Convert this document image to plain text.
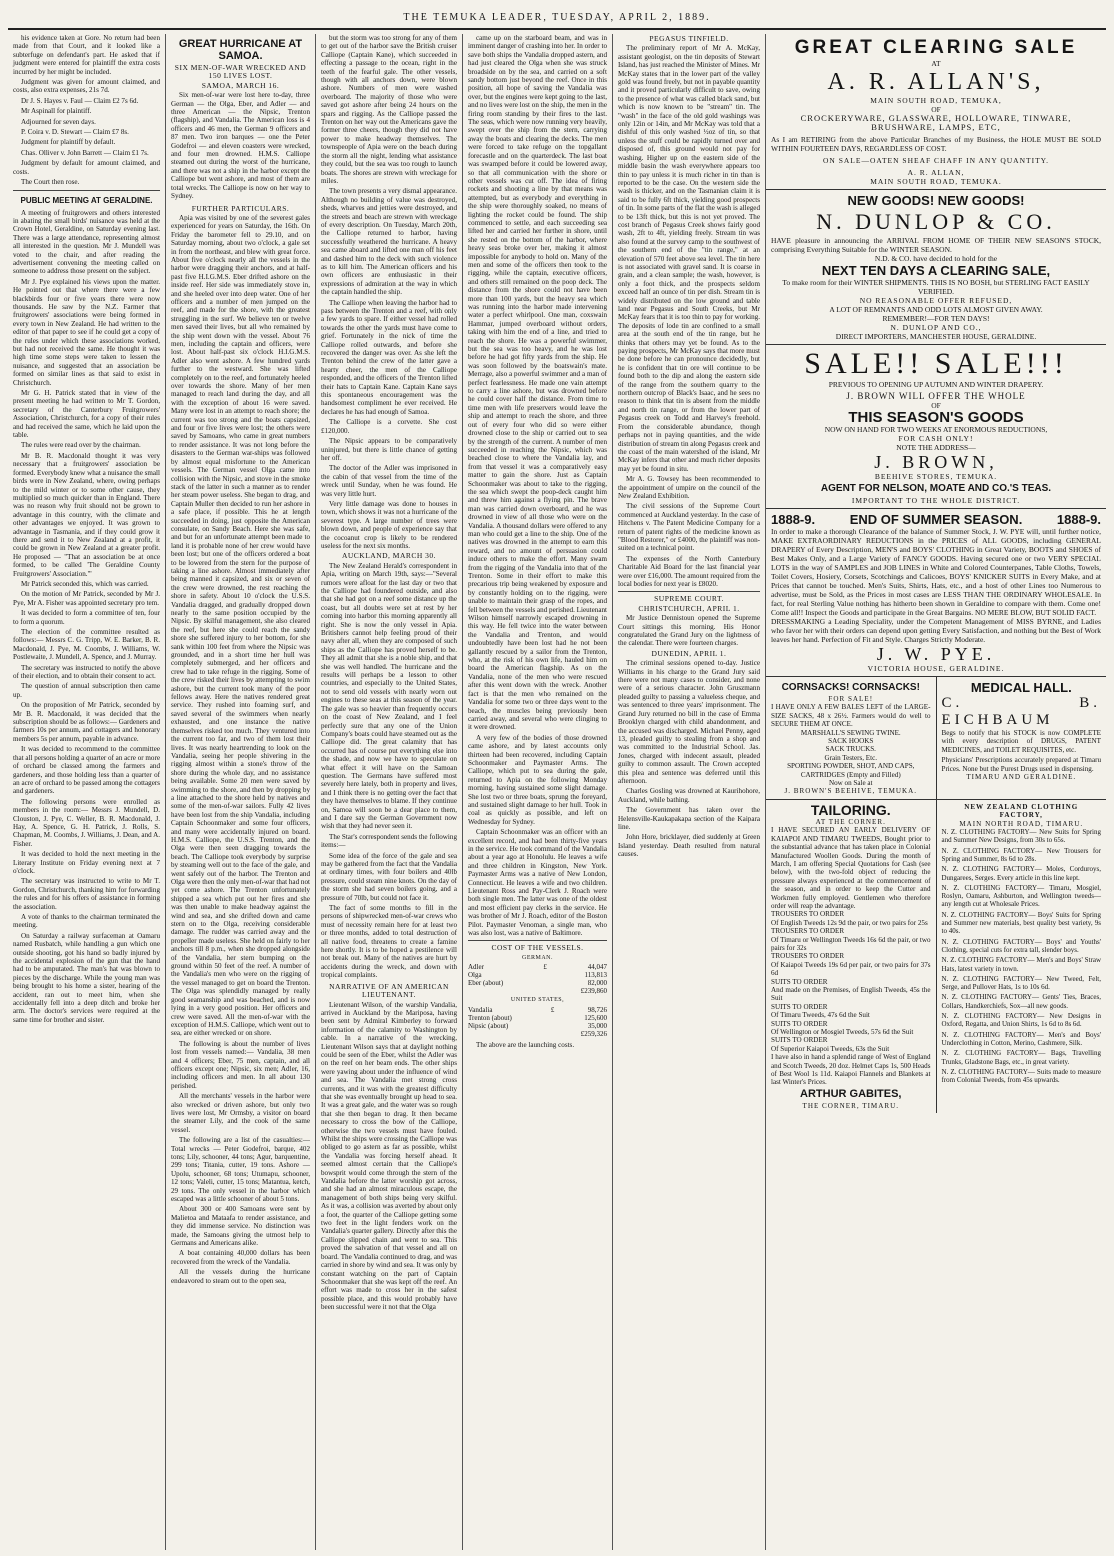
THE TEMUKA LEADER, TUESDAY, APRIL 2, 1889.

his evidence taken at Gore. No return had been made from that Court, and it looked like a subterfuge on defendant's part. He asked that if judgment were entered for plaintiff the extra costs incurred by her might be included.

Judgment was given for amount claimed, and costs, also extra expenses, 21s 7d.

Dr J. S. Hayes v. Faul — Claim £2 7s 6d.

Mr Aspinall for plaintiff.

Adjourned for seven days.

P. Coira v. D. Stewart — Claim £7 8s.

Judgment for plaintiff by default.

Chas. Olliver v. John Barrett — Claim £1 7s.

Judgment by default for amount claimed, and costs.

The Court then rose.

PUBLIC MEETING AT GERALDINE.

A meeting of fruitgrowers and others interested in abating the small birds' nuisance was held at the Crown Hotel, Geraldine, on Saturday evening last. There was a large attendance, representing almost all interested in the question. Mr J. Mundell was voted to the chair, and after reading the advertisement convening the meeting called on someone to address those present on the subject.

Mr J. Pye explained his views upon the matter. He pointed out that where there were a few blackbirds four or five years there were now thousands. He saw by the N.Z. Farmer that fruitgrowers' associations were being formed in every town in New Zealand. He had written to the editor of that paper to see if he could get a copy of the rules under which these associations worked, but had not received the same. He thought it was high time some steps were taken to lessen the nuisance, and suggested that an association be formed on similar lines as that said to exist in Christchurch.

Mr G. H. Patrick stated that in view of the present meeting he had written to Mr T. Gordon, secretary of the Canterbury Fruitgrowers' Association, Christchurch, for a copy of their rules and had received the same, which he laid upon the table.

The rules were read over by the chairman.

Mr B. R. Macdonald thought it was very necessary that a fruitgrowers' association be formed. Everybody knew what a nuisance the small birds were in New Zealand, where, owing perhaps to the mild winter or to some other cause, they multiplied so much quicker than in England. There was no reason why fruit should not be grown to advantage in this country, with the climate and other advantages we enjoyed. It was grown to advantage in Tasmania, and if they could grow it there and send it to New Zealand at a profit, it could be grown in New Zealand at a greater profit. He proposed — "That an association be at once formed, to be called 'The Geraldine County Fruitgrowers' Association.'"

Mr Patrick seconded this, which was carried.

On the motion of Mr Patrick, seconded by Mr J. Pye, Mr A. Fisher was appointed secretary pro tem.

It was decided to form a committee of ten, four to form a quorum.

The election of the committee resulted as follows:— Messrs C. G. Tripp, W. E. Barker, B. R. Macdonald, J. Pye, M. Coombs, J. Williams, W. Postlewaite, J. Mundell, A. Spence, and J. Murray.

The secretary was instructed to notify the above of their election, and to obtain their consent to act.

The question of annual subscription then came up.

On the proposition of Mr Patrick, seconded by Mr B. R. Macdonald, it was decided that the subscription should be as follows:— Gardeners and farmers 10s per annum, and cottagers and honorary members 5s per annum, payable in advance.

It was decided to recommend to the committee that all persons holding a quarter of an acre or more of orchard be classed among the farmers and gardeners, and those holding less than a quarter of an acre of orchard to be passed among the cottagers and gardeners.

The following persons were enrolled as members in the room:— Messrs J. Mundell, D. Clouston, J. Pye, C. Weller, B. R. Macdonald, J. Hay, A. Spence, G. H. Patrick, J. Rolls, S. Chapman, M. Coombs, J. Williams, J. Dean, and A. Fisher.

It was decided to hold the next meeting in the Literary Institute on Friday evening next at 7 o'clock.

The secretary was instructed to write to Mr T. Gordon, Christchurch, thanking him for forwarding the rules and for his offers of assistance in forming the association.

A vote of thanks to the chairman terminated the meeting.

On Saturday a railway surfaceman at Oamaru named Rusbatch, while handling a gun which one outside shooting, got his hand so badly injured by the accidental explosion of the gun that the hand had to be amputated. The man's hat was blown to pieces by the discharge. While the young man was being brought to his home a sister, hearing of the accident, ran out to meet him, when she accidentally fell into a deep ditch and broke her arm. The doctor's services were required at the same time for brother and sister.

GREAT HURRICANE AT SAMOA.
SIX MEN-OF-WAR WRECKED AND 150 LIVES LOST.
SAMOA, MARCH 16.

Six men-of-war were lost here to-day, three German — the Olga, Eber, and Adler — and three American — the Nipsic, Trenton (flagship), and Vandalia. The American loss is 4 officers and 46 men, the German 9 officers and 87 men. Two iron barques — one the Peter Godefroi — and eleven coasters were wrecked, and four men drowned. H.M.S. Calliope steamed out during the worst of the hurricane, and there was not a ship in the harbor except the Calliope but went ashore, and most of them are total wrecks. The Calliope is now on her way to Sydney.

FURTHER PARTICULARS.

Apia was visited by one of the severest gales experienced for years on Saturday, the 16th. On Friday the barometer fell to 29.10, and on Saturday morning, about two o'clock, a gale set in from the northeast, and blew with great force. About five o'clock nearly all the vessels in the harbor were dragging their anchors, and at half-past five H.I.G.M.S. Eber drifted ashore on the inside reef. Her side was immediately stove in, and she heeled over into deep water. One of her officers and a number of men jumped on the reef, and made for the shore, with the greatest struggling in the surf. We believe ten or twelve men saved their lives, but all who remained by the ship went down with the vessel. About 76 men, including the captain and officers, were lost. About half-past six o'clock H.I.G.M.S. Adler also went ashore. A few hundred yards further to the westward. She was lifted completely on to the reef, and fortunately heeled over towards the shore. Many of her men managed to reach land during the day, and all with the exception of about 16 were saved. Many were lost in an attempt to reach shore; the current was too strong and the boats capsized, and four or five lives were lost; the others were saved by Samoans, who came in great numbers to render assistance. It was not long before the disasters to the German war-ships was followed by almost equal misfortune to the American vessels. The German vessel Olga came into collision with the Nipsic, and stove in the smoke stack of the latter in such a manner as to render her steam power useless. She began to drag, and Captain Muller then decided to run her ashore in a safe place, if possible. This he at length succeeded in doing, just opposite the American consulate, on Sandy Beach. Here she was safe, and but for an unfortunate attempt been made to land it is probable none of her crew would have been lost; but one of the officers ordered a boat to be lowered from the stern for the purpose of taking a line ashore. Almost immediately after being manned it capsized, and six or seven of the crew were drowned, the rest reaching the shore in safety. About 10 o'clock the U.S.S. Vandalia dragged, and gradually dropped down nearly to the same position occupied by the Nipsic. By skilful management, she also cleared the reef, but here she could reach the sandy shore she suffered injury to her bottom, for she sank within 100 feet from where the Nipsic was grounded, and in a short time her hull was completely submerged, and her officers and crew had to take refuge in the rigging. Some of the crew risked their lives by attempting to swim ashore, but the current took many of the poor fellows away. Here the natives rendered great service. They rushed into foaming surf, and saved several of the swimmers when nearly exhausted, and one instance the native themselves risked too much. They ventured into the current too far, and two of them lost their lives. It was nearly heartrending to look on the Vandalia, seeing her people shivering in the rigging almost within a stone's throw of the shore during the whole day, and no assistance being available. Some 20 men were saved by swimming to the shore, and then by dropping by a line attached to the shore held by natives and some of the men-of-war sailors. Fully 42 lives have been lost from the ship Vandalia, including Captain Schoonmaker and some four officers, and many were accidentally injured on board. H.M.S. Calliope, the U.S.S. Trenton, and the Olga were then seen dragging towards the beach. The Calliope took everybody by surprise by steaming well out to the face of the gale, and went safely out of the harbor. The Trenton and Olga were then the only men-of-war that had not yet come ashore. The Trenton unfortunately shipped a sea which put out her fires and she was then unable to make headway against the wind and sea, and she drifted down and came stern on to the Olga, receiving considerable damage. The rudder was carried away and the propeller made useless. She held on fairly to her anchors till 8 p.m., when she dropped alongside of the Vandalia, her stern bumping on the ground within 50 feet of the reef. A number of the Vandalia's men who were on the rigging of the vessel managed to get on board the Trenton. The Olga was splendidly managed by really good seamanship and was beached, and is now lying in a very good position. Her officers and crew were saved. All the men-of-war with the exception of H.M.S. Calliope, which went out to sea, are either wrecked or on shore.

The following is about the number of lives lost from vessels named:— Vandalia, 38 men and 4 officers; Eber, 75 men, captain, and all officers except one; Nipsic, six men; Adler, 16, including officers and men. In all about 130 perished.

All the merchants' vessels in the harbor were also wrecked or driven ashore, but only two lives were lost, Mr Ormsby, a visitor on board the steamer Lily, and the cook of the same vessel.

The following are a list of the casualties:— Total wrecks — Peter Godefroi, barque, 402 tons; Lily, schooner, 44 tons; Agur, barquentine, 299 tons; Titania, cutter, 19 tons. Ashore — Upolu, schooner, 68 tons; Utumapu, schooner, 12 tons; Valeli, cutter, 15 tons; Matantua, ketch, 29 tons. The only vessel in the harbor which escaped was a little schooner of about 5 tons.

About 300 or 400 Samoans were sent by Malietoa and Mataafa to render assistance, and they did immense service. No distinction was made, the Samoans giving the utmost help to Germans and Americans alike.

A boat containing 40,000 dollars has been recovered from the wreck of the Vandalia.

All the vessels during the hurricane endeavored to steam out to the open sea,

but the storm was too strong for any of them to get out of the harbor save the British cruiser Calliope (Captain Kane), which succeeded in effecting a passage to the ocean, right in the teeth of the fearful gale. The other vessels, though with all anchors down, were blown ashore. Numbers of men were washed overboard. The majority of those who were saved got ashore after being 24 hours on the spars and rigging. As the Calliope passed the Trenton on her way out the Americans gave the former three cheers, though they did not have power to make headway themselves. The townspeople of Apia were on the beach during the storm all the night, lending what assistance they could, but the sea was too rough to launch boats. The shores are strewn with wreckage for miles.

The town presents a very dismal appearance. Although no building of value was destroyed, sheds, wharves and jetties were destroyed, and the streets and beach are strewn with wreckage of every description. On Tuesday, March 20th, the Calliope returned to harbor, having successfully weathered the hurricane. A heavy sea came aboard and lifted one man off his feet and dashed him to the deck with such violence as to kill him. The American officers and his own officers are enthusiastic in their expressions of admiration at the way in which the captain handled the ship.

The Calliope when leaving the harbor had to pass between the Trenton and a reef, with only a few yards to spare. If either vessel had rolled towards the other the yards must have come to grief. Fortunately in the nick of time the Calliope rolled outwards, and before she recovered the danger was over. As she left the Trenton behind the crew of the latter gave a hearty cheer, the men of the Calliope responded, and the officers of the Trenton lifted their hats to Captain Kane. Captain Kane says this spontaneous encouragement was the handsomest compliment he ever received. He declares he has had enough of Samoa.

The Calliope is a corvette. She cost £120,000.

The Nipsic appears to be comparatively uninjured, but there is little chance of getting her off.

The doctor of the Adler was imprisoned in the cabin of that vessel from the time of the wreck until Sunday, when he was found. He was very little hurt.

Very little damage was done to houses in town, which shows it was not a hurricane of the severest type. A large number of trees were blown down, and people of experience say that the cocoanut crop is likely to be rendered useless for the next six months.

AUCKLAND, MARCH 30.

The New Zealand Herald's correspondent in Apia, writing on March 19th, says:—"Several rumors were afloat for the last day or two that the Calliope had foundered outside, and also that she had got on a reef some distance up the coast, but all doubts were set at rest by her coming into harbor this morning apparently all right. She is now the only vessel in Apia. Britishers cannot help feeling proud of their navy after all, when they are composed of such ships as the Calliope has proved herself to be. They all admit that she is a noble ship, and that she was well handled. The hurricane and the results will perhaps be a lesson to other countries, and especially to the United States, not to send old vessels with nearly worn out engines to these seas at this season of the year. The gale was so heavier than frequently occurs on the coast of New Zealand, and I feel perfectly sure that any one of the Union Company's boats could have steamed out as the Calliope did. The great calamity that has occurred has of course put everything else into the shade, and now we have to speculate on what effect it will have on the Samoan question. The Germans have suffered most severely here lately, both in property and lives, and I think there is no getting over the fact that they have themselves to blame. If they continue on, Samoa will soon be a dear place to them, and I dare say the German Government now wish that they had never seen it.

The Star's correspondent sends the following items:—

Some idea of the force of the gale and sea may be gathered from the fact that the Vandalia at ordinary times, with four boilers and 40lb pressure, could steam nine knots. On the day of the storm she had seven boilers going, and a pressure of 70lb, but could not face it.

The fact of some months to fill in the persons of shipwrecked men-of-war crews who must of necessity remain here for at least two or three months, added to total destruction of all native food, threatens to create a famine here shortly. It is to be hoped a pestilence will not break out. Many of the natives are hurt by accidents during the wreck, and down with tropical complaints.

NARRATIVE OF AN AMERICAN LIEUTENANT.

Lieutenant Wilson, of the warship Vandalia, arrived in Auckland by the Mariposa, having been sent by Admiral Kimberley to forward information of the calamity to Washington by cable. In a narrative of the wrecking, Lieutenant Wilson says that at daylight nothing could be seen of the Eber, whilst the Adler was on the reef on her beam ends. The other ships were yawing about under the influence of wind and sea. The Vandalia met strong cross currents, and it was with the greatest difficulty that she was eventually brought up head to sea. It was a great gale, and the water was so rough that she then began to drag. It then became necessary to cross the bow of the Calliope, otherwise the two vessels must have fouled. Whilst the ships were crossing the Calliope was obliged to go astern as far as possible, whilst the Vandalia was forcing herself ahead. It seemed almost certain that the Calliope's bowsprit would come through the stern of the Vandalia before the latter worship got across, and she had an almost miraculous escape, the management of both ships being very skilful. As it was, a collision was averted by about only a foot, the quarter of the Calliope getting some two feet in the light fenders work on the Vandalia's quarter gallery. Directly after this the Calliope slipped chain and went to sea. This proved the salvation of that vessel and all on board. The Vandalia continued to drag, and was carried in shore by wind and sea. It was only by constant watching on the part of Captain Schoonmaker that she was kept off the reef. An effort was made to cross her in the safest possible place, and this would probably have been successful were it not that the Olga

came up on the starboard beam, and was in imminent danger of crashing into her. In order to save both ships the Vandalia dropped astern, and had just cleared the Olga when she was struck broadside on by the sea, and carried on a soft sandy bottom just beyond the reef. Once in this position, all hope of saving the Vandalia was over, but the engines were kept going to the last, and no lives were lost on the ship, the men in the firing room standing by their fires to the last. The seas, which were now running very heavily, swept over the ship from the stern, carrying away the boats and clearing the decks. The men were forced to take refuge on the topgallant forecastle and on the quarterdeck. The last boat was swamped before it could be lowered away, so that all communication with the shore or other vessels was cut off. The idea of firing rockets and shooting a line by that means was attempted, but as everybody and everything in the ship were thoroughly soaked, no means of lighting the rocket could be found. The ship commenced to settle, and each succeeding sea lifted her and carried her further in shore, until she rested on the bottom of the harbor, where heavy seas broke over her, making it almost impossible for anybody to hold on. Many of the men and some of the officers then took to the rigging, while the captain, executive officers, and others still remained on the poop deck. The distance from the shore could not have been more than 100 yards, but the heavy sea which was running into the harbor made intervening water a perfect whirlpool. One man, coxswain Hammar, jumped overboard without orders, taking with him the end of a line, and tried to reach the shore. He was a powerful swimmer, but the sea was too heavy, and he was lost before he had got fifty yards from the ship. He was soon followed by the boatswain's mate. Merrage, also a powerful swimmer and a man of perfect fearlessness. He made one vain attempt to carry a line ashore, but was drowned before he could cover half the distance. From time to time men with life preservers would leave the ship and attempt to reach the shore, and three out of every four who did so were either drowned close to the ship or carried out to sea by the strength of the current. A number of men succeeded in reaching the Nipsic, which was beached close to where the Vandalia lay, and from that vessel it was a comparatively easy matter to gain the shore. Just as Captain Schoonmaker was about to take to the rigging, the sea which swept the poop-deck caught him and threw him against a flying pin. The brave man was carried down overboard, and he was drowned in view of all those who were on the Vandalia. A thousand dollars were offered to any man who could get a line to the ship. One of the natives was drowned in the attempt to earn this reward, and no amount of persuasion could induce others to make the effort. Many swam from the rigging of the Vandalia into that of the Trenton. Some in their effort to make this precarious trip being weakened by exposure and by constantly holding on to the rigging, were unable to maintain their grasp of the ropes, and fell between the vessels and perished. Lieutenant Wilson himself narrowly escaped drowning in this way. He fell twice into the water between the Vandalia and Trenton, and would undoubtedly have been lost had he not been gallantly rescued by a sailor from the Trenton, who, at the risk of his own life, hauled him on board the American flagship. As on the Vandalia, none of the men who were rescued after this went down with the wreck. Another fact is that the men who remained on the Vandalia for some two or three days went to the beach, the muscles being previously been carried away, and several who were clinging to it were drowned.

A very few of the bodies of those drowned came ashore, and by latest accounts only thirteen had been recovered, including Captain Schoonmaker and Paymaster Arms. The Calliope, which put to sea during the gale, returned to Apia on the following Monday morning, having sustained some slight damage. She lost two or three boats, sprung the foreyard, and sustained slight damage to her hull. Took in coal as quickly as possible, and left on Wednesday for Sydney.

Captain Schoonmaker was an officer with an excellent record, and had been thirty-five years in the service. He took command of the Vandalia about a year ago at Honolulu. He leaves a wife and three children in Kingston, New York. Paymaster Arms was a native of New London, Connecticut. He leaves a wife and two children. Lieutenant Ross and Pay-Clerk J. Roach were both single men. The latter was one of the oldest and most efficient pay clerks in the service. He was brother of Mr J. Roach, editor of the Boston Pilot. Paymaster Venoman, a single man, who was also lost, was a native of Baltimore.

COST OF THE VESSELS.
GERMAN.
Adler	£	44,047
Olga		113,813
Eber (about)		82,000
		£239,860
UNITED STATES,
Vandalia	£	98,726
Trenton (about)		125,600
Nipsic (about)		35,000
		£259,326

The above are the launching costs.

PEGASUS TINFIELD.

The preliminary report of Mr A. McKay, assistant geologist, on the tin deposits of Stewart Island, has just reached the Minister of Mines. Mr McKay states that in the lower part of the valley gold was found freely, but not in payable quantity and it proved particularly difficult to save, owing to the presence of what was called black sand, but which is now known to be "stream" tin. The "wash" in the face of the old gold washings was only 12in or 14in, and Mr McKay was told that a dishful of this only washed ½oz of tin, so that unless the stuff could be rapidly turned over and disposed of, this ground would not pay for washing. Higher up on the eastern side of the middle basin the wash everywhere appears too thin to pay unless it is much richer in tin than is reported to be the case. On the western side the wash is thicker, and on the Tasmanian claim it is said to be fully 6ft thick, yielding good prospects of tin. In some parts of the flat the wash is alleged to be 13ft thick, but this is not yet proved. The cost branch of Pegasus Creek shows fairly good wash, 2ft to 4ft, yielding freely. Stream tin was also found at the survey camp to the southwest of the southern end of the "tin range," at an elevation of 570 feet above sea level. The tin here is not associated with gravel sand. It is coarse in grain, and a clean sample; the wash, however, is only a foot thick, and the prospects seldom exceed half an ounce of tin per dish. Stream tin is widely distributed on the low ground and table land near Pegasus and South Creeks, but Mr McKay fears that it is too thin to pay for working. The deposits of lode tin are confined to a small area at the south end of the tin range, but he thinks that others may yet be found. As to the paying prospects, Mr McKay says that more must be done before he can pronounce decidedly, but he is confident that tin ore will continue to be found both to the dip and along the eastern side of the range from the southern quarry to the northern outcrop of Black's Isaac, and he sees no reason to think that tin is absent from the middle and north tin range, or from the lower part of Pegasus creek on Todd and Harvey's freehold. From the considerable abundance, though perhaps not in paying quantities, and the wide distribution of stream tin along Pegasus creek and the coast of the main watershed of the island, Mr McKay infers that other and much richer deposits may yet be found in situ.

Mr A. G. Towsey has been recommended to the appointment of umpire on the council of the New Zealand Exhibition.

The civil sessions of the Supreme Court commenced at Auckland yesterday. In the case of Hitchens v. The Patent Medicine Company for a return of patent rights of the medicine known as "Blood Restorer," or £4000, the plaintiff was non-suited on a technical point.

The expenses of the North Canterbury Charitable Aid Board for the last financial year were over £16,000. The amount required from the local bodies for next year is £8020.

SUPREME COURT.
CHRISTCHURCH, APRIL 1.

Mr Justice Dennistoun opened the Supreme Court sittings this morning. His Honor congratulated the Grand Jury on the lightness of the calendar. There were fourteen charges.

DUNEDIN, APRIL 1.

The criminal sessions opened to-day. Justice Williams in his charge to the Grand Jury said there were not many cases to consider, and none were of a serious character. John Gruszmann pleaded guilty to passing a valueless cheque, and was sentenced to three years' imprisonment. The Grand Jury returned no bill in the case of Emma Brooklyn charged with child abandonment, and the accused was discharged. Michael Penny, aged 13, pleaded guilty to stealing from a shop and was committed to the Industrial School. Jas. Jones, charged with indecent assault, pleaded guilty to common assault. The Crown accepted this plea and sentence was deferred until this afternoon.

Charles Gosling was drowned at Kaurihohore, Auckland, while bathing.

The Government has taken over the Helensville-Kaukapakapa section of the Kaipara line.

John Hore, bricklayer, died suddenly at Green Island yesterday. Death resulted from natural causes.

GREAT CLEARING SALE
AT
A. R. ALLAN'S,
MAIN SOUTH ROAD, TEMUKA,
OF
CROCKERYWARE, GLASSWARE, HOLLOWARE, TINWARE, BRUSHWARE, LAMPS, ETC,
As I am RETIRING from the above Particular Branches of my Business, the HOLE MUST BE SOLD WITHIN FOURTEEN DAYS, REGARDLESS OF COST.
ON SALE—OATEN SHEAF CHAFF IN ANY QUANTITY.
A. R. ALLAN,
MAIN SOUTH ROAD, TEMUKA.
NEW GOODS! NEW GOODS!
N. DUNLOP & CO.
HAVE pleasure in announcing the ARRIVAL FROM HOME OF THEIR NEW SEASON'S STOCK, comprising Everything Suitable for the WINTER SEASON.
N.D. & CO. have decided to hold for the
NEXT TEN DAYS A CLEARING SALE,
To make room for their WINTER SHIPMENTS. THIS IS NO BOSH, but STERLING FACT EASILY VERIFIED.
NO REASONABLE OFFER REFUSED,
A LOT OF REMNANTS AND ODD LOTS ALMOST GIVEN AWAY.
REMEMBER!—FOR TEN DAYS!
N. DUNLOP AND CO.,
DIRECT IMPORTERS, MANCHESTER HOUSE, GERALDINE.
SALE!! SALE!!!
PREVIOUS TO OPENING UP AUTUMN AND WINTER DRAPERY.
J. BROWN WILL OFFER THE WHOLE
OF
THIS SEASON'S GOODS
NOW ON HAND FOR TWO WEEKS AT ENORMOUS REDUCTIONS,
FOR CASH ONLY!
NOTE THE ADDRESS—
J. BROWN,
BEEHIVE STORES, TEMUKA.
AGENT FOR NELSON, MOATE AND CO.'S TEAS.
IMPORTANT TO THE WHOLE DISTRICT.
1888-9.	END OF SUMMER SEASON.	1888-9.
In order to make a thorough Clearance of the balance of Summer Stock, J. W. PYE will, until further notice, MAKE EXTRAORDINARY REDUCTIONS in the PRICES of ALL GOODS, including GENERAL DRAPERY of Every Description, MEN'S and BOYS' CLOTHING in Great Variety, BOOTS and SHOES of Best Makes Only, and a Large Variety of FANCY GOODS. Having secured one or two VERY SPECIAL LOTS in the way of SAMPLES and JOB LINES in White and Colored Counterpanes, Table Cloths, Towels, Toilet Covers, Hosiery, Corsets, Scotchings and Calicoes, BOYS' KNICKER SUITS in Every Make, and at Prices that cannot be touched. Men's Suits, Shirts, Hats, etc., and a host of other Lines too Numerous to advertise, must be Sold, as the Prices in most cases are LESS THAN THE ORDINARY WHOLESALE. In fact, for real Sterling Value nothing has hitherto been shown in Geraldine to compare with them. Come one! Come all!! Inspect the Goods and participate in the Great Bargains. NO MERE BLOW, BUT SOLID FACT.
DRESSMAKING a Leading Speciality, under the Competent Management of MISS BYRNE, and Ladies who favor her with their orders can depend upon getting Every Satisfaction, and nothing but the Best of Work leaves her hand. Perfection of Fit and Style. Charges Strictly Moderate.
J. W. PYE.
VICTORIA HOUSE, GERALDINE.
CORNSACKS! CORNSACKS!
FOR SALE!
I HAVE ONLY A FEW BALES LEFT of the LARGE-SIZE SACKS, 48 x 26½. Farmers would do well to SECURE THEM AT ONCE.
MARSHALL'S SEWING TWINE.
SACK HOOKS
SACK TRUCKS.
Grain Testers, Etc.
SPORTING POWDER, SHOT, AND CAPS,
CARTRIDGES (Empty and Filled)
Now on Sale at
J. BROWN'S BEEHIVE, TEMUKA.
MEDICAL HALL.
C. B. EICHBAUM
Begs to notify that his STOCK is now COMPLETE with every description of DRUGS, PATENT MEDICINES, and TOILET REQUISITES, etc.
Physicians' Prescriptions accurately prepared at Timaru Prices. None but the Purest Drugs used in dispensing.
TIMARU AND GERALDINE.
TAILORING.
AT THE CORNER.
I HAVE SECURED AN EARLY DELIVERY OF KAIAPOI AND TIMARU TWEEDS, Bought prior to the substantial advance that has taken place in Colonial Manufactured Woollen Goods. During the month of March, I am offering Special Quotations for Cash (see below), with the two-fold object of reducing the pressure always experienced at the commencement of the season, and in order to keep the Cutter and Workmen fully employed. Gentlemen who therefore order will reap the advantage.
TROUSERS TO ORDER
Of English Tweeds 12s 9d the pair, or two pairs for 25s
TROUSERS TO ORDER
Of Timaru or Wellington Tweeds 16s 6d the pair, or two pairs for 32s
TROUSERS TO ORDER
Of Kaiapoi Tweeds 19s 6d per pair, or two pairs for 37s 6d
SUITS TO ORDER
And made on the Premises, of English Tweeds, 45s the Suit
SUITS TO ORDER
Of Timaru Tweeds, 47s 6d the Suit
SUITS TO ORDER
Of Wellington or Mosgiel Tweeds, 57s 6d the Suit
SUITS TO ORDER
Of Superior Kaiapoi Tweeds, 63s the Suit
I have also in hand a splendid range of West of England and Scotch Tweeds, 20 doz. Helmet Caps 1s, 500 Heads of Best Wool 1s 11d. Kaiapoi Flannels and Blankets at last Winter's Prices.
ARTHUR GABITES,
THE CORNER, TIMARU.
NEW ZEALAND CLOTHING FACTORY,
MAIN NORTH ROAD, TIMARU.
N. Z. CLOTHING FACTORY— New Suits for Spring and Summer New Designs, from 30s to 65s.
N. Z. CLOTHING FACTORY— New Trousers for Spring and Summer, 8s 6d to 28s.
N. Z. CLOTHING FACTORY— Moles, Corduroys, Dungarees, Serges. Every article in this line kept.
N. Z. CLOTHING FACTORY— Timaru, Mosgiel, Roslyn, Oamaru, Ashburton, and Wellington tweeds—any length cut at Wholesale Prices.
N. Z. CLOTHING FACTORY— Boys' Suits for Spring and Summer new materials, best quality best variety, 9s to 40s.
N. Z. CLOTHING FACTORY— Boys' and Youths' Clothing, special cuts for extra tall, slender boys.
N. Z. CLOTHING FACTORY— Men's and Boys' Straw Hats, latest variety in town.
N. Z. CLOTHING FACTORY— New Tweed, Felt, Serge, and Pullover Hats, 1s to 10s 6d.
N. Z. CLOTHING FACTORY— Gents' Ties, Braces, Collars, Handkerchiefs, Sox—all new goods.
N. Z. CLOTHING FACTORY— New Designs in Oxford, Regatta, and Union Shirts, 1s 6d to 8s 6d.
N. Z. CLOTHING FACTORY— Men's and Boys' Underclothing in Cotton, Merino, Cashmere, Silk.
N. Z. CLOTHING FACTORY— Bags, Travelling Trunks, Gladstone Bags, etc., in great variety.
N. Z. CLOTHING FACTORY— Suits made to measure from Colonial Tweeds, from 45s upwards.
